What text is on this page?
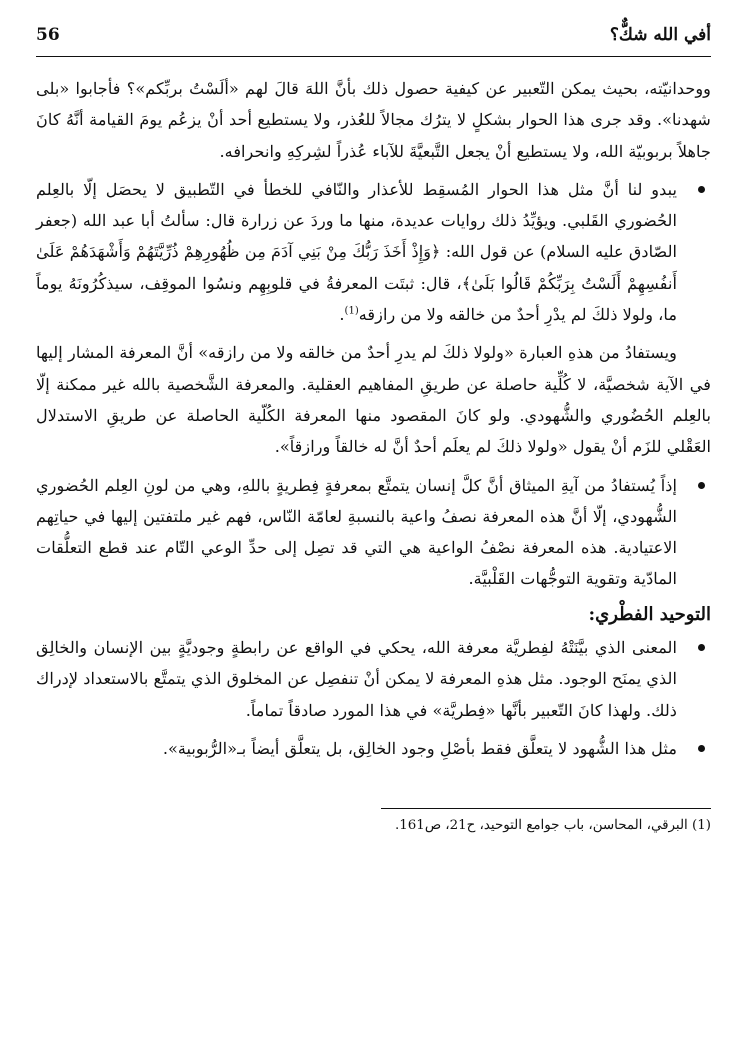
أفي الله شكٌّ؟
56

ووحدانيّته، بحيث يمكن التّعبير عن كيفية حصول ذلك بأنَّ اللهَ قالَ لهم «ألَسْتُ بربِّكم»؟ فأجابوا «بلى شهدنا». وقد جرى هذا الحوار بشكلٍ لا يترُك مجالاً للعُذر، ولا يستطيع أحد أنْ يزعُم يومَ القيامة أنَّهُ كانَ جاهلاً بربوبيّة الله، ولا يستطيع أنْ يجعل التَّبعيَّةَ للآباء عُذراً لشِركِهِ وانحرافه.

يبدو لنا أنَّ مثل هذا الحوار المُسقِط للأعذار والنّافي للخطأ في التّطبيق لا يحصَل إلّا بالعِلم الحُضوري القَلبي. ويؤيِّدُ ذلك روايات عديدة، منها ما وردَ عن زرارة قال: سألتُ أبا عبد الله (جعفر الصّادق عليه السلام) عن قول الله: ﴿وَإِذْ أَخَذَ رَبُّكَ مِنْ بَنِي آدَمَ مِن ظُهُورِهِمْ ذُرِّيَّتَهُمْ وَأَشْهَدَهُمْ عَلَىٰ أَنفُسِهِمْ أَلَسْتُ بِرَبِّكُمْ قَالُوا بَلَىٰ﴾، قال: ثبتَت المعرفةُ في قلوبِهِم ونسُوا الموقِف، سيذكُرُونَهُ يوماً ما، ولولا ذلكَ لم يدْرِ أحدٌ من خالقه ولا من رازقه$^{(1)}$.

ويستفادُ من هذهِ العبارة «ولولا ذلكَ لم يدرِ أحدٌ من خالقه ولا من رازقه» أنَّ المعرفة المشار إليها في الآية شخصيَّة، لا كُلِّية حاصلة عن طريقِ المفاهيم العقلية. والمعرفة الشَّخصية بالله غير ممكنة إلّا بالعِلم الحُضُوري والشُّهودي. ولو كانَ المقصود منها المعرفة الكُلّية الحاصلة عن طريقِ الاستدلال العَقْلي للزَم أنْ يقول «ولولا ذلكَ لم يعلَم أحدٌ أنَّ له خالقاً ورازقاً».

إذاً يُستفادُ من آيةِ الميثاق أنَّ كلَّ إنسان يتمتَّع بمعرفةٍ فِطريةٍ باللهِ، وهي من لونِ العِلم الحُضوري الشُّهودي، إلّا أنَّ هذه المعرفة نصفُ واعية بالنسبةِ لعامّة النّاس، فهم غير ملتفتين إليها في حياتِهم الاعتيادية. هذه المعرفة نصْفُ الواعية هي التي قد تصِل إلى حدِّ الوعي التّام عند قطع التعلُّقات المادّية وتقوية التوجُّهات القَلْبيَّة.
التوحيد الفطْري:
المعنى الذي بيَّنَتْهُ لفِطريَّة معرفة الله، يحكي في الواقع عن رابطةٍ وجوديَّةٍ بين الإنسان والخالِق الذي يمنَح الوجود. مثل هذهِ المعرفة لا يمكن أنْ تنفصِل عن المخلوق الذي يتمتَّع بالاستعداد لإدراك ذلك. ولهذا كانَ التّعبير بأنَّها «فِطريَّة» في هذا المورد صادقاً تماماً.
مثل هذا الشُّهود لا يتعلَّق فقط بأصْلِ وجود الخالِق، بل يتعلَّق أيضاً بـ«الرُّبوبية».
(1) البرقي، المحاسن، باب جوامع التوحيد، ح21، ص161.
